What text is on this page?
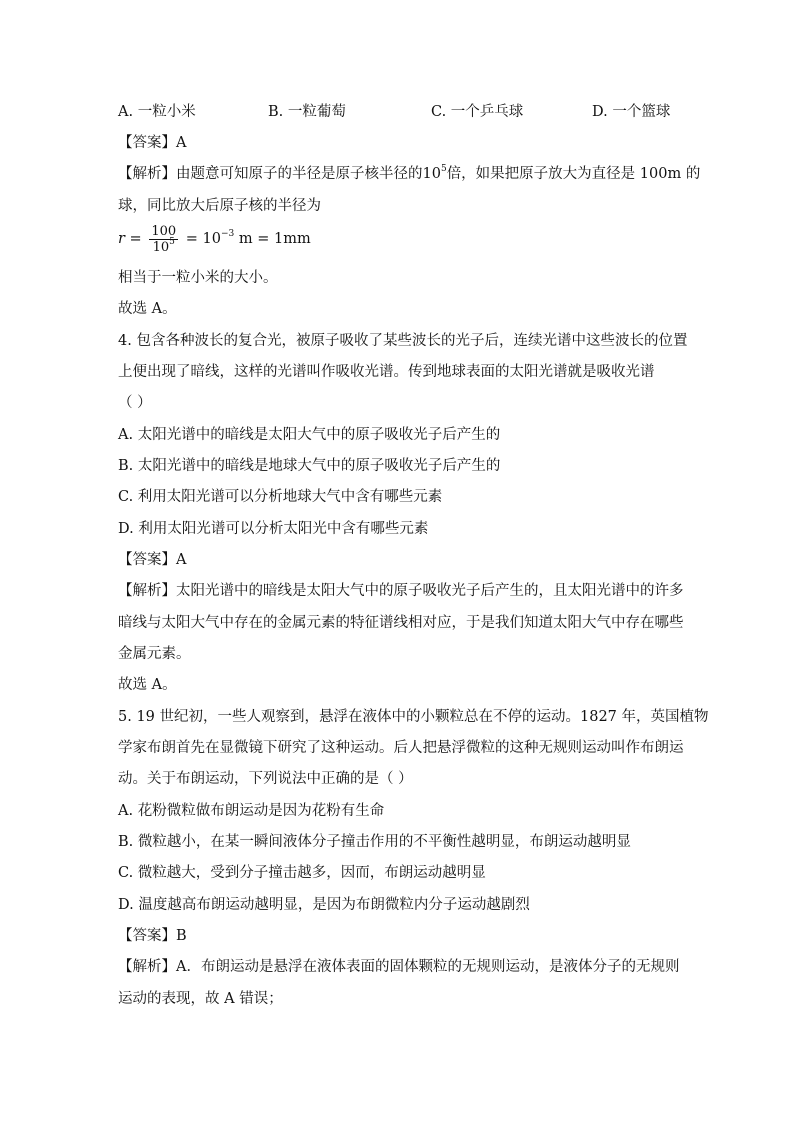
A. 一粒小米	B. 一粒葡萄	C. 一个乒乓球	D. 一个篮球
【答案】A
【解析】由题意可知原子的半径是原子核半径的$10^5$倍，如果把原子放大为直径是 100m 的
球，同比放大后原子核的半径为
$r = \frac{100}{10^5} = 10^{-3}$ m = 1mm
相当于一粒小米的大小。
故选 A。
4. 包含各种波长的复合光，被原子吸收了某些波长的光子后，连续光谱中这些波长的位置
上便出现了暗线，这样的光谱叫作吸收光谱。传到地球表面的太阳光谱就是吸收光谱
（ ）
A. 太阳光谱中的暗线是太阳大气中的原子吸收光子后产生的
B. 太阳光谱中的暗线是地球大气中的原子吸收光子后产生的
C. 利用太阳光谱可以分析地球大气中含有哪些元素
D. 利用太阳光谱可以分析太阳光中含有哪些元素
【答案】A
【解析】太阳光谱中的暗线是太阳大气中的原子吸收光子后产生的，且太阳光谱中的许多
暗线与太阳大气中存在的金属元素的特征谱线相对应，于是我们知道太阳大气中存在哪些
金属元素。
故选 A。
5. 19 世纪初，一些人观察到，悬浮在液体中的小颗粒总在不停的运动。1827 年，英国植物
学家布朗首先在显微镜下研究了这种运动。后人把悬浮微粒的这种无规则运动叫作布朗运
动。关于布朗运动，下列说法中正确的是（ ）
A. 花粉微粒做布朗运动是因为花粉有生命
B. 微粒越小，在某一瞬间液体分子撞击作用的不平衡性越明显，布朗运动越明显
C. 微粒越大，受到分子撞击越多，因而，布朗运动越明显
D. 温度越高布朗运动越明显，是因为布朗微粒内分子运动越剧烈
【答案】B
【解析】A．布朗运动是悬浮在液体表面的固体颗粒的无规则运动，是液体分子的无规则
运动的表现，故 A 错误；
